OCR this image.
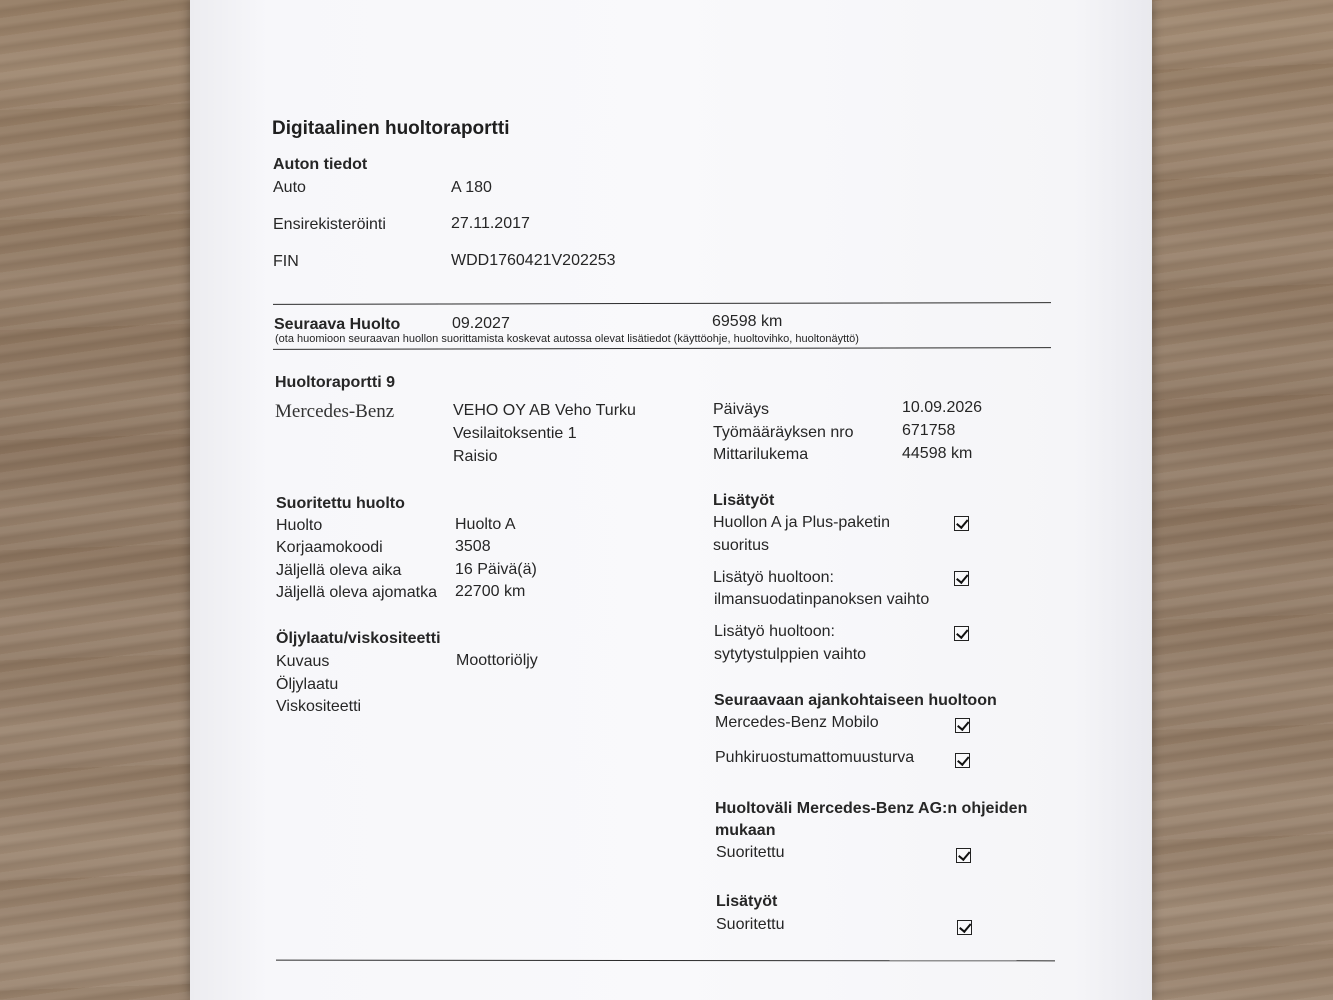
Digitaalinen huoltoraportti
Auton tiedot
Auto	A 180
Ensirekisteröinti	27.11.2017
FIN	WDD1760421V202253
Seuraava Huolto	09.2027	69598 km
(ota huomioon seuraavan huollon suorittamista koskevat autossa olevat lisätiedot (käyttöohje, huoltovihko, huoltonäyttö)
Huoltoraportti 9
Mercedes-Benz	VEHO OY AB Veho Turku
Vesilaitoksentie 1
Raisio
Päiväys	10.09.2026
Työmääräyksen nro	671758
Mittarilukema	44598 km
Suoritettu huolto
Huolto	Huolto A
Korjaamokoodi	3508
Jäljellä oleva aika	16 Päivä(ä)
Jäljellä oleva ajomatka 22700 km
Öljylaatu/viskositeetti
Kuvaus	Moottoriöljy
Öljylaatu
Viskositeetti
Lisätyöt
Huollon A ja Plus-paketin
suoritus
Lisätyö huoltoon:
ilmansuodatinpanoksen vaihto
Lisätyö huoltoon:
sytytystulppien vaihto
Seuraavaan ajankohtaiseen huoltoon
Mercedes-Benz Mobilo
Puhkiruostumattomuusturva
Huoltoväli Mercedes-Benz AG:n ohjeiden
mukaan
Suoritettu
Lisätyöt
Suoritettu
